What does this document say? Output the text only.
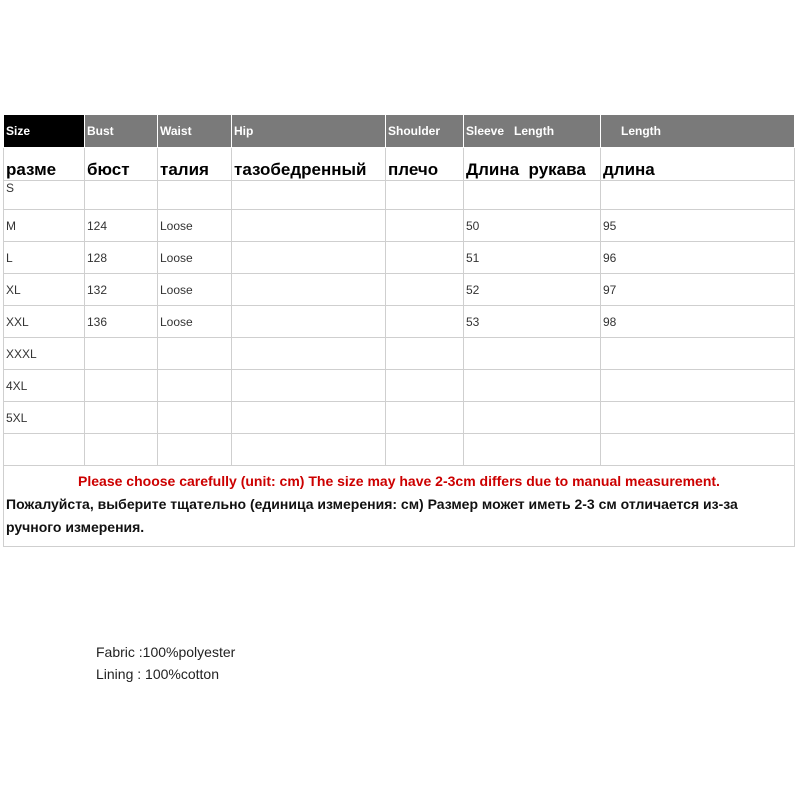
Size	Bust	Waist	Hip	Shoulder	Sleeve   Length	Length
разме	бюст	талия	тазобедренный	плечо	Длина  рукава	длина
S						
M	124	Loose			50	95
L	128	Loose			51	96
XL	132	Loose			52	97
XXL	136	Loose			53	98
XXXL						
4XL						
5XL						

Please choose carefully (unit: cm) The size may have 2-3cm differs due to manual measurement.
Пожалуйста, выберите тщательно (единица измерения: см) Размер может иметь 2-3 см отличается из-за ручного измерения.						
Fabric :100%polyester
Lining : 100%cotton
